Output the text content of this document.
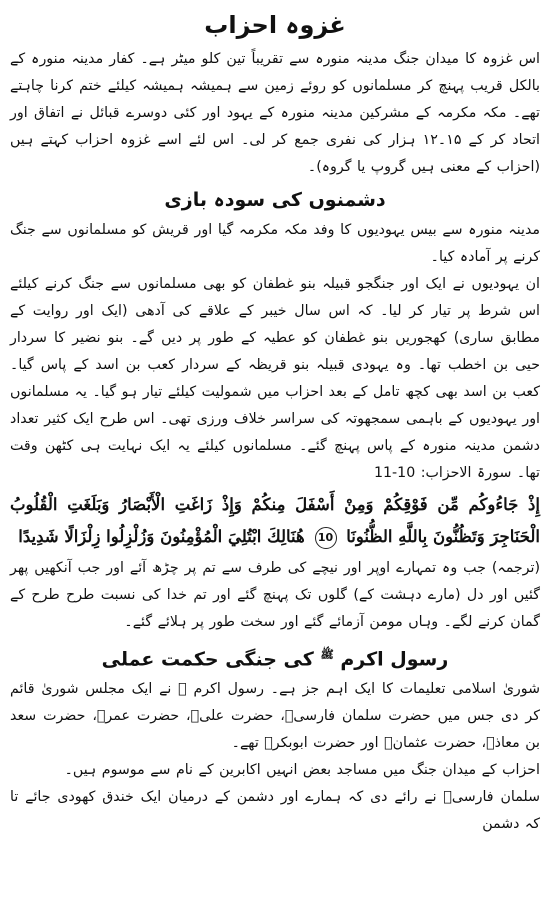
غزوہ احزاب

اس غزوہ کا میدان جنگ مدینہ منورہ سے تقریباً تین کلو میٹر ہے۔ کفار مدینہ منورہ کے بالکل قریب پہنچ کر مسلمانوں کو روئے زمین سے ہمیشہ ہمیشہ کیلئے ختم کرنا چاہتے تھے۔ مکہ مکرمہ کے مشرکین مدینہ منورہ کے یہود اور کئی دوسرے قبائل نے اتفاق اور اتحاد کر کے ۱۵۔۱۲ ہزار کی نفری جمع کر لی۔ اس لئے اسے غزوہ احزاب کہتے ہیں (احزاب کے معنی ہیں گروپ یا گروہ)۔

دشمنوں کی سودہ بازی

مدینہ منورہ سے بیس یہودیوں کا وفد مکہ مکرمہ گیا اور قریش کو مسلمانوں سے جنگ کرنے پر آمادہ کیا۔

ان یہودیوں نے ایک اور جنگجو قبیلہ بنو غطفان کو بھی مسلمانوں سے جنگ کرنے کیلئے اس شرط پر تیار کر لیا۔ کہ اس سال خیبر کے علاقے کی آدھی (ایک اور روایت کے مطابق ساری) کھجوریں بنو غطفان کو عطیہ کے طور پر دیں گے۔ بنو نضیر کا سردار حیی بن اخطب تھا۔ وہ یہودی قبیلہ بنو قریظہ کے سردار کعب بن اسد کے پاس گیا۔ کعب بن اسد بھی کچھ تامل کے بعد احزاب میں شمولیت کیلئے تیار ہو گیا۔ یہ مسلمانوں اور یہودیوں کے باہمی سمجھوتہ کی سراسر خلاف ورزی تھی۔ اس طرح ایک کثیر تعداد دشمن مدینہ منورہ کے پاس پہنچ گئے۔ مسلمانوں کیلئے یہ ایک نہایت ہی کٹھن وقت تھا۔ سورۃ الاحزاب: 10-11

إِذْ جَاءُوكُم مِّن فَوْقِكُمْ وَمِنْ أَسْفَلَ مِنكُمْ وَإِذْ زَاغَتِ الْأَبْصَارُ وَبَلَغَتِ الْقُلُوبُ الْحَنَاجِرَ وَتَظُنُّونَ بِاللَّهِ الظُّنُونَا 10 هُنَالِكَ ابْتُلِيَ الْمُؤْمِنُونَ وَزُلْزِلُوا زِلْزَالًا شَدِيدًا

(ترجمہ) جب وہ تمہارے اوپر اور نیچے کی طرف سے تم پر چڑھ آئے اور جب آنکھیں پھر گئیں اور دل (مارے دہشت کے) گلوں تک پہنچ گئے اور تم خدا کی نسبت طرح طرح کے گمان کرنے لگے۔ وہاں مومن آزمائے گئے اور سخت طور پر ہلائے گئے۔

رسول اکرم $^ﷺ$ کی جنگی حکمت عملی

شوریٰ اسلامی تعلیمات کا ایک اہم جز ہے۔ رسول اکرم ﷺ نے ایک مجلس شوریٰ قائم کر دی جس میں حضرت سلمان فارسیؓ، حضرت علیؓ، حضرت عمرؓ، حضرت سعد بن معاذؓ، حضرت عثمانؓ اور حضرت ابوبکرؓ تھے۔

احزاب کے میدان جنگ میں مساجد بعض انہیں اکابرین کے نام سے موسوم ہیں۔

سلمان فارسیؓ نے رائے دی کہ ہمارے اور دشمن کے درمیان ایک خندق کھودی جائے تا کہ دشمن
